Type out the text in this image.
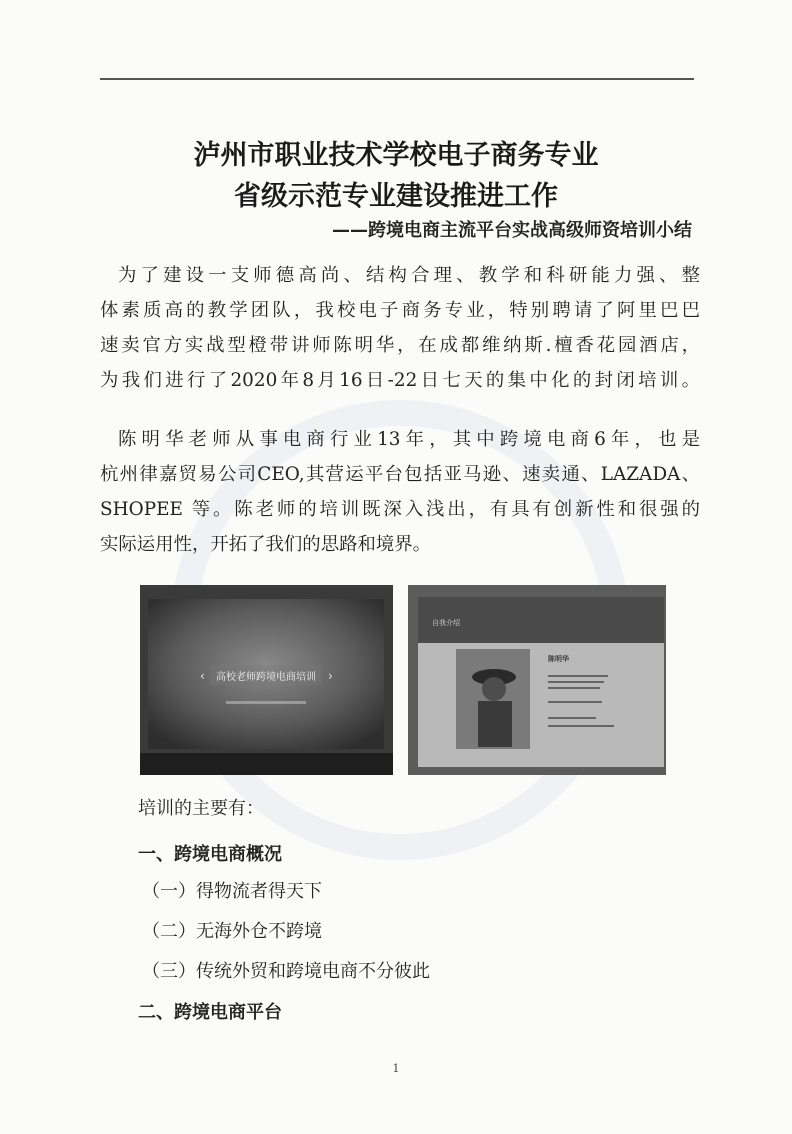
泸州市职业技术学校电子商务专业
省级示范专业建设推进工作
——跨境电商主流平台实战高级师资培训小结
为了建设一支师德高尚、结构合理、教学和科研能力强、整
体素质高的教学团队，我校电子商务专业，特别聘请了阿里巴巴
速卖官方实战型橙带讲师陈明华，在成都维纳斯.檀香花园酒店，
为我们进行了2020年8月16日-22日七天的集中化的封闭培训。
陈明华老师从事电商行业13年，其中跨境电商6年，也是
杭州律嘉贸易公司CEO,其营运平台包括亚马逊、速卖通、LAZADA、
SHOPEE 等。陈老师的培训既深入浅出，有具有创新性和很强的
实际运用性，开拓了我们的思路和境界。
高校老师跨境电商培训
‹	›
自我介绍
陈明华
培训的主要有：
一、跨境电商概况
（一）得物流者得天下
（二）无海外仓不跨境
（三）传统外贸和跨境电商不分彼此
二、跨境电商平台
1
